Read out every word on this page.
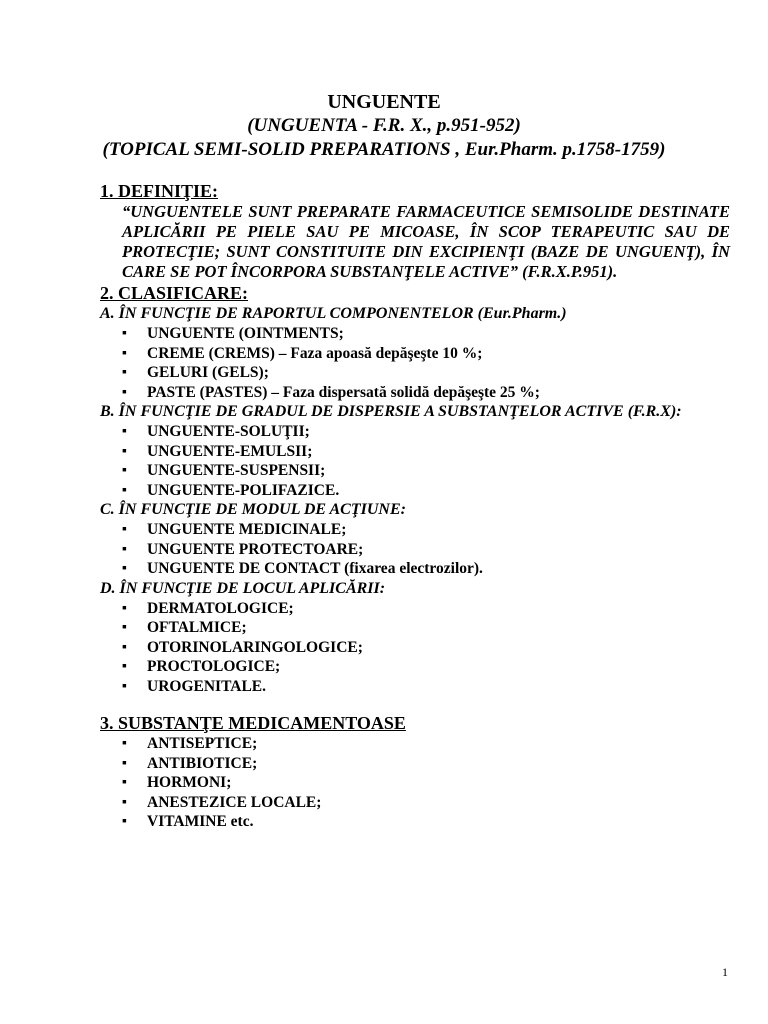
UNGUENTE
(UNGUENTA - F.R. X., p.951-952)
(TOPICAL SEMI-SOLID PREPARATIONS , Eur.Pharm. p.1758-1759)
1. DEFINIŢIE:
“UNGUENTELE SUNT PREPARATE FARMACEUTICE SEMISOLIDE DESTINATE APLICĂRII PE PIELE SAU PE MICOASE, ÎN SCOP TERAPEUTIC SAU DE PROTECŢIE; SUNT CONSTITUITE DIN EXCIPIENŢI (BAZE DE UNGUENŢ), ÎN CARE SE POT ÎNCORPORA SUBSTANŢELE ACTIVE” (F.R.X.P.951).
2. CLASIFICARE:
A. ÎN FUNCŢIE DE RAPORTUL COMPONENTELOR (Eur.Pharm.)
▪ UNGUENTE (OINTMENTS;
▪ CREME (CREMS) – Faza apoasă depăşeşte 10 %;
▪ GELURI (GELS);
▪ PASTE (PASTES) – Faza dispersată solidă depăşeşte 25 %;
B. ÎN FUNCŢIE DE GRADUL DE DISPERSIE A SUBSTANŢELOR ACTIVE (F.R.X):
▪ UNGUENTE-SOLUŢII;
▪ UNGUENTE-EMULSII;
▪ UNGUENTE-SUSPENSII;
▪ UNGUENTE-POLIFAZICE.
C. ÎN FUNCŢIE DE MODUL DE ACŢIUNE:
▪ UNGUENTE MEDICINALE;
▪ UNGUENTE PROTECTOARE;
▪ UNGUENTE DE CONTACT (fixarea electrozilor).
D. ÎN FUNCŢIE DE LOCUL APLICĂRII:
▪ DERMATOLOGICE;
▪ OFTALMICE;
▪ OTORINOLARINGOLOGICE;
▪ PROCTOLOGICE;
▪ UROGENITALE.
3. SUBSTANŢE MEDICAMENTOASE
▪ ANTISEPTICE;
▪ ANTIBIOTICE;
▪ HORMONI;
▪ ANESTEZICE LOCALE;
▪ VITAMINE etc.
1
